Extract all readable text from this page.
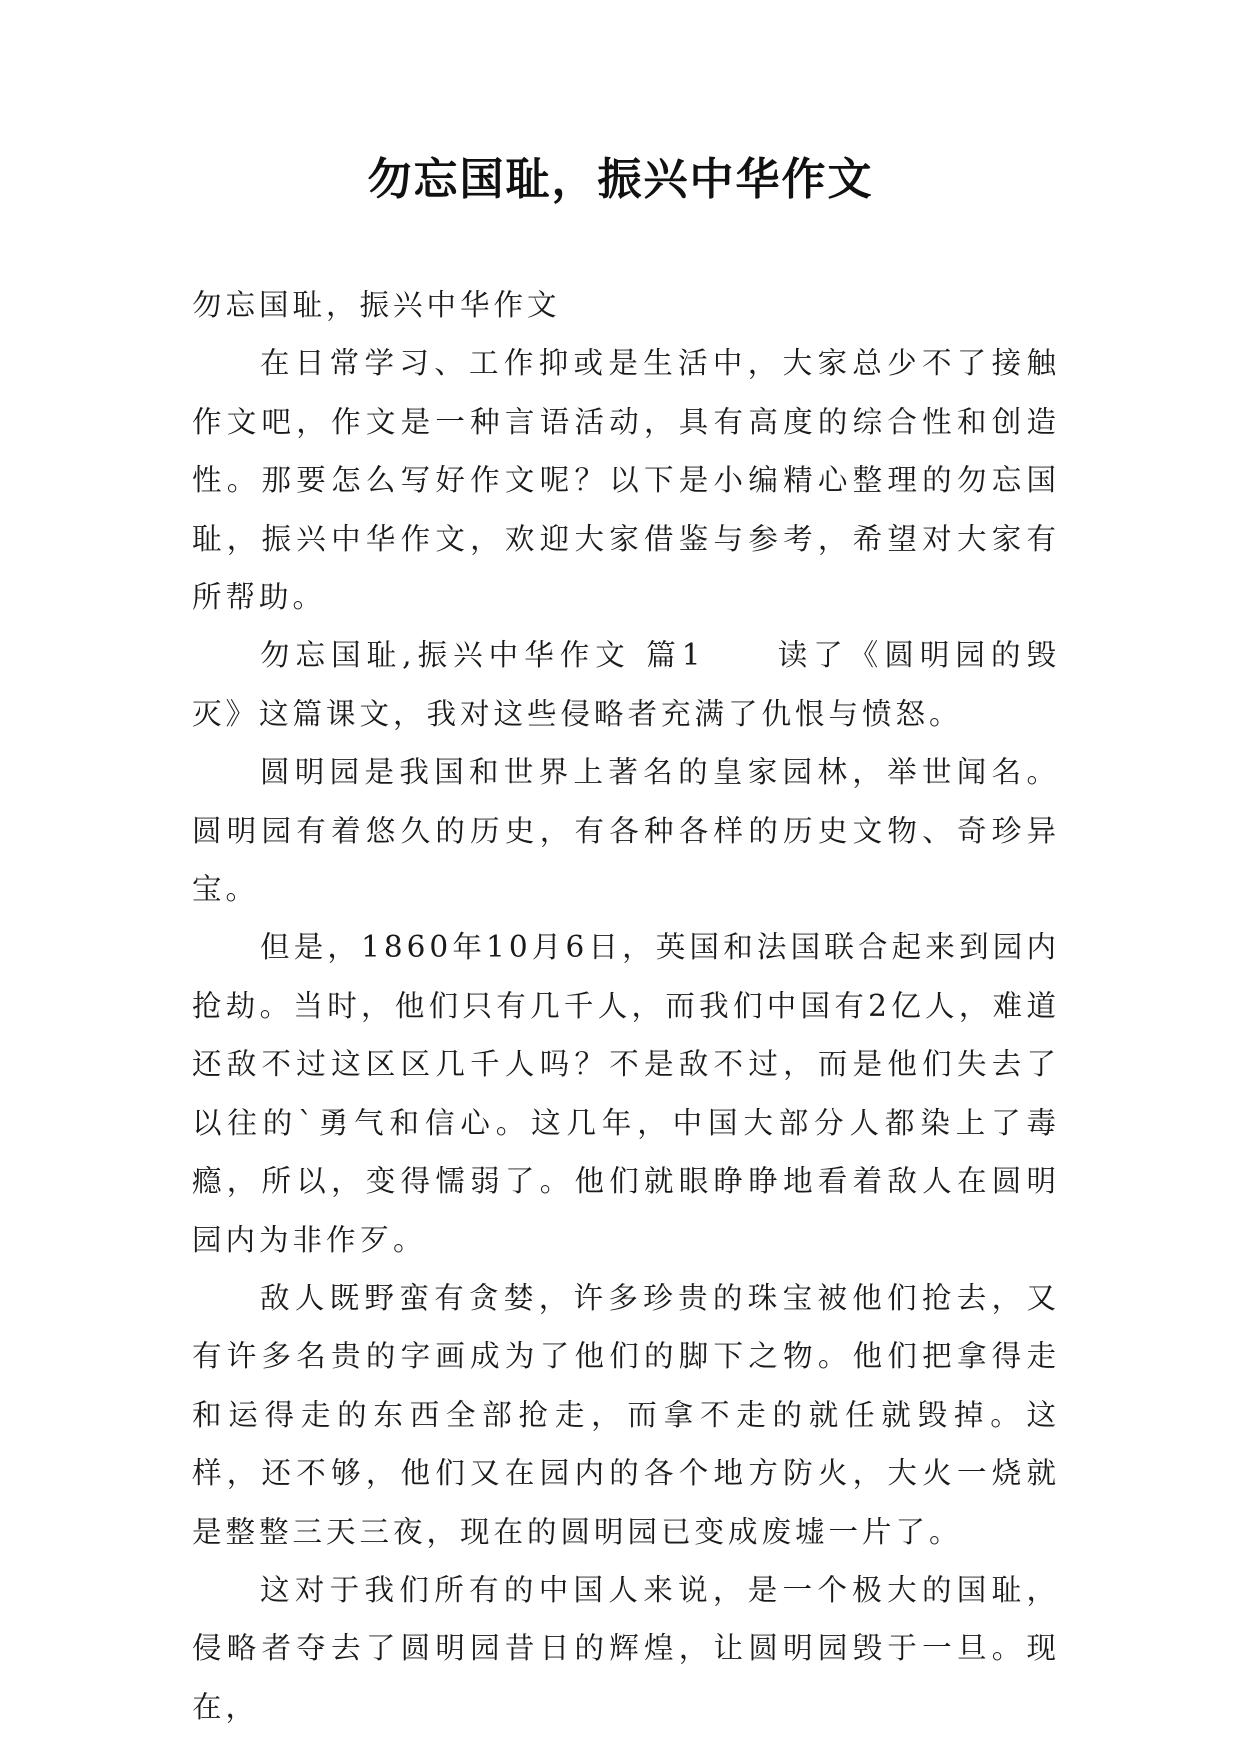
勿忘国耻，振兴中华作文

勿忘国耻，振兴中华作文

在日常学习、工作抑或是生活中，大家总少不了接触作文吧，作文是一种言语活动，具有高度的综合性和创造性。那要怎么写好作文呢？以下是小编精心整理的勿忘国耻，振兴中华作文，欢迎大家借鉴与参考，希望对大家有所帮助。

勿忘国耻,振兴中华作文 篇1　　读了《圆明园的毁灭》这篇课文，我对这些侵略者充满了仇恨与愤怒。

圆明园是我国和世界上著名的皇家园林，举世闻名。圆明园有着悠久的历史，有各种各样的历史文物、奇珍异宝。

但是，1860年10月6日，英国和法国联合起来到园内抢劫。当时，他们只有几千人，而我们中国有2亿人，难道还敌不过这区区几千人吗？不是敌不过，而是他们失去了以往的`勇气和信心。这几年，中国大部分人都染上了毒瘾，所以，变得懦弱了。他们就眼睁睁地看着敌人在圆明园内为非作歹。

敌人既野蛮有贪婪，许多珍贵的珠宝被他们抢去，又有许多名贵的字画成为了他们的脚下之物。他们把拿得走和运得走的东西全部抢走，而拿不走的就任就毁掉。这样，还不够，他们又在园内的各个地方防火，大火一烧就是整整三天三夜，现在的圆明园已变成废墟一片了。

这对于我们所有的中国人来说，是一个极大的国耻，侵略者夺去了圆明园昔日的辉煌，让圆明园毁于一旦。现在，
